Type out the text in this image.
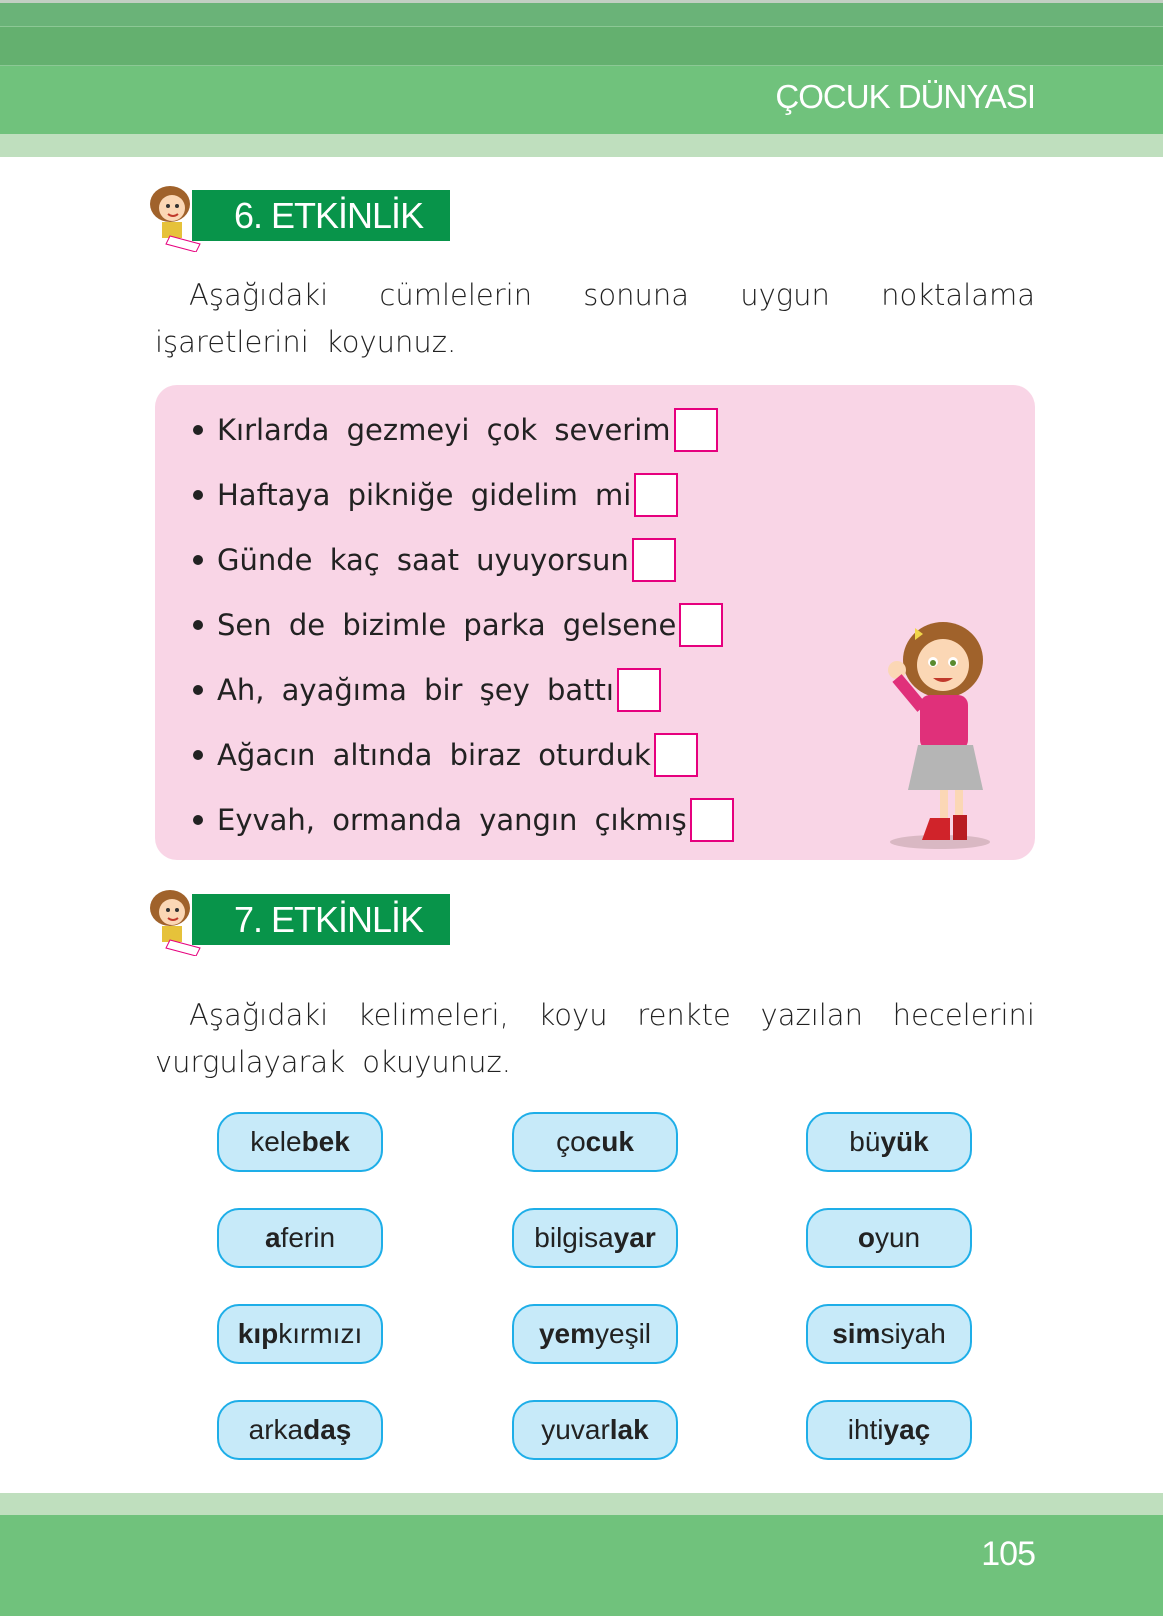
ÇOCUK DÜNYASI
6. ETKİNLİK
Aşağıdaki cümlelerin sonuna uygun noktalama işaretlerini koyunuz.
Kırlarda gezmeyi çok severim
Haftaya pikniğe gidelim mi
Günde kaç saat uyuyorsun
Sen de bizimle parka gelsene
Ah, ayağıma bir şey battı
Ağacın altında biraz oturduk
Eyvah, ormanda yangın çıkmış
7. ETKİNLİK
Aşağıdaki kelimeleri, koyu renkte yazılan hecelerini vurgulayarak okuyunuz.
kele bek	ço cuk	bü yük
a ferin	bilgisa yar	o yun
kıp kırmızı	yem yeşil	sim siyah
arka daş	yuvar lak	ihti yaç
105
